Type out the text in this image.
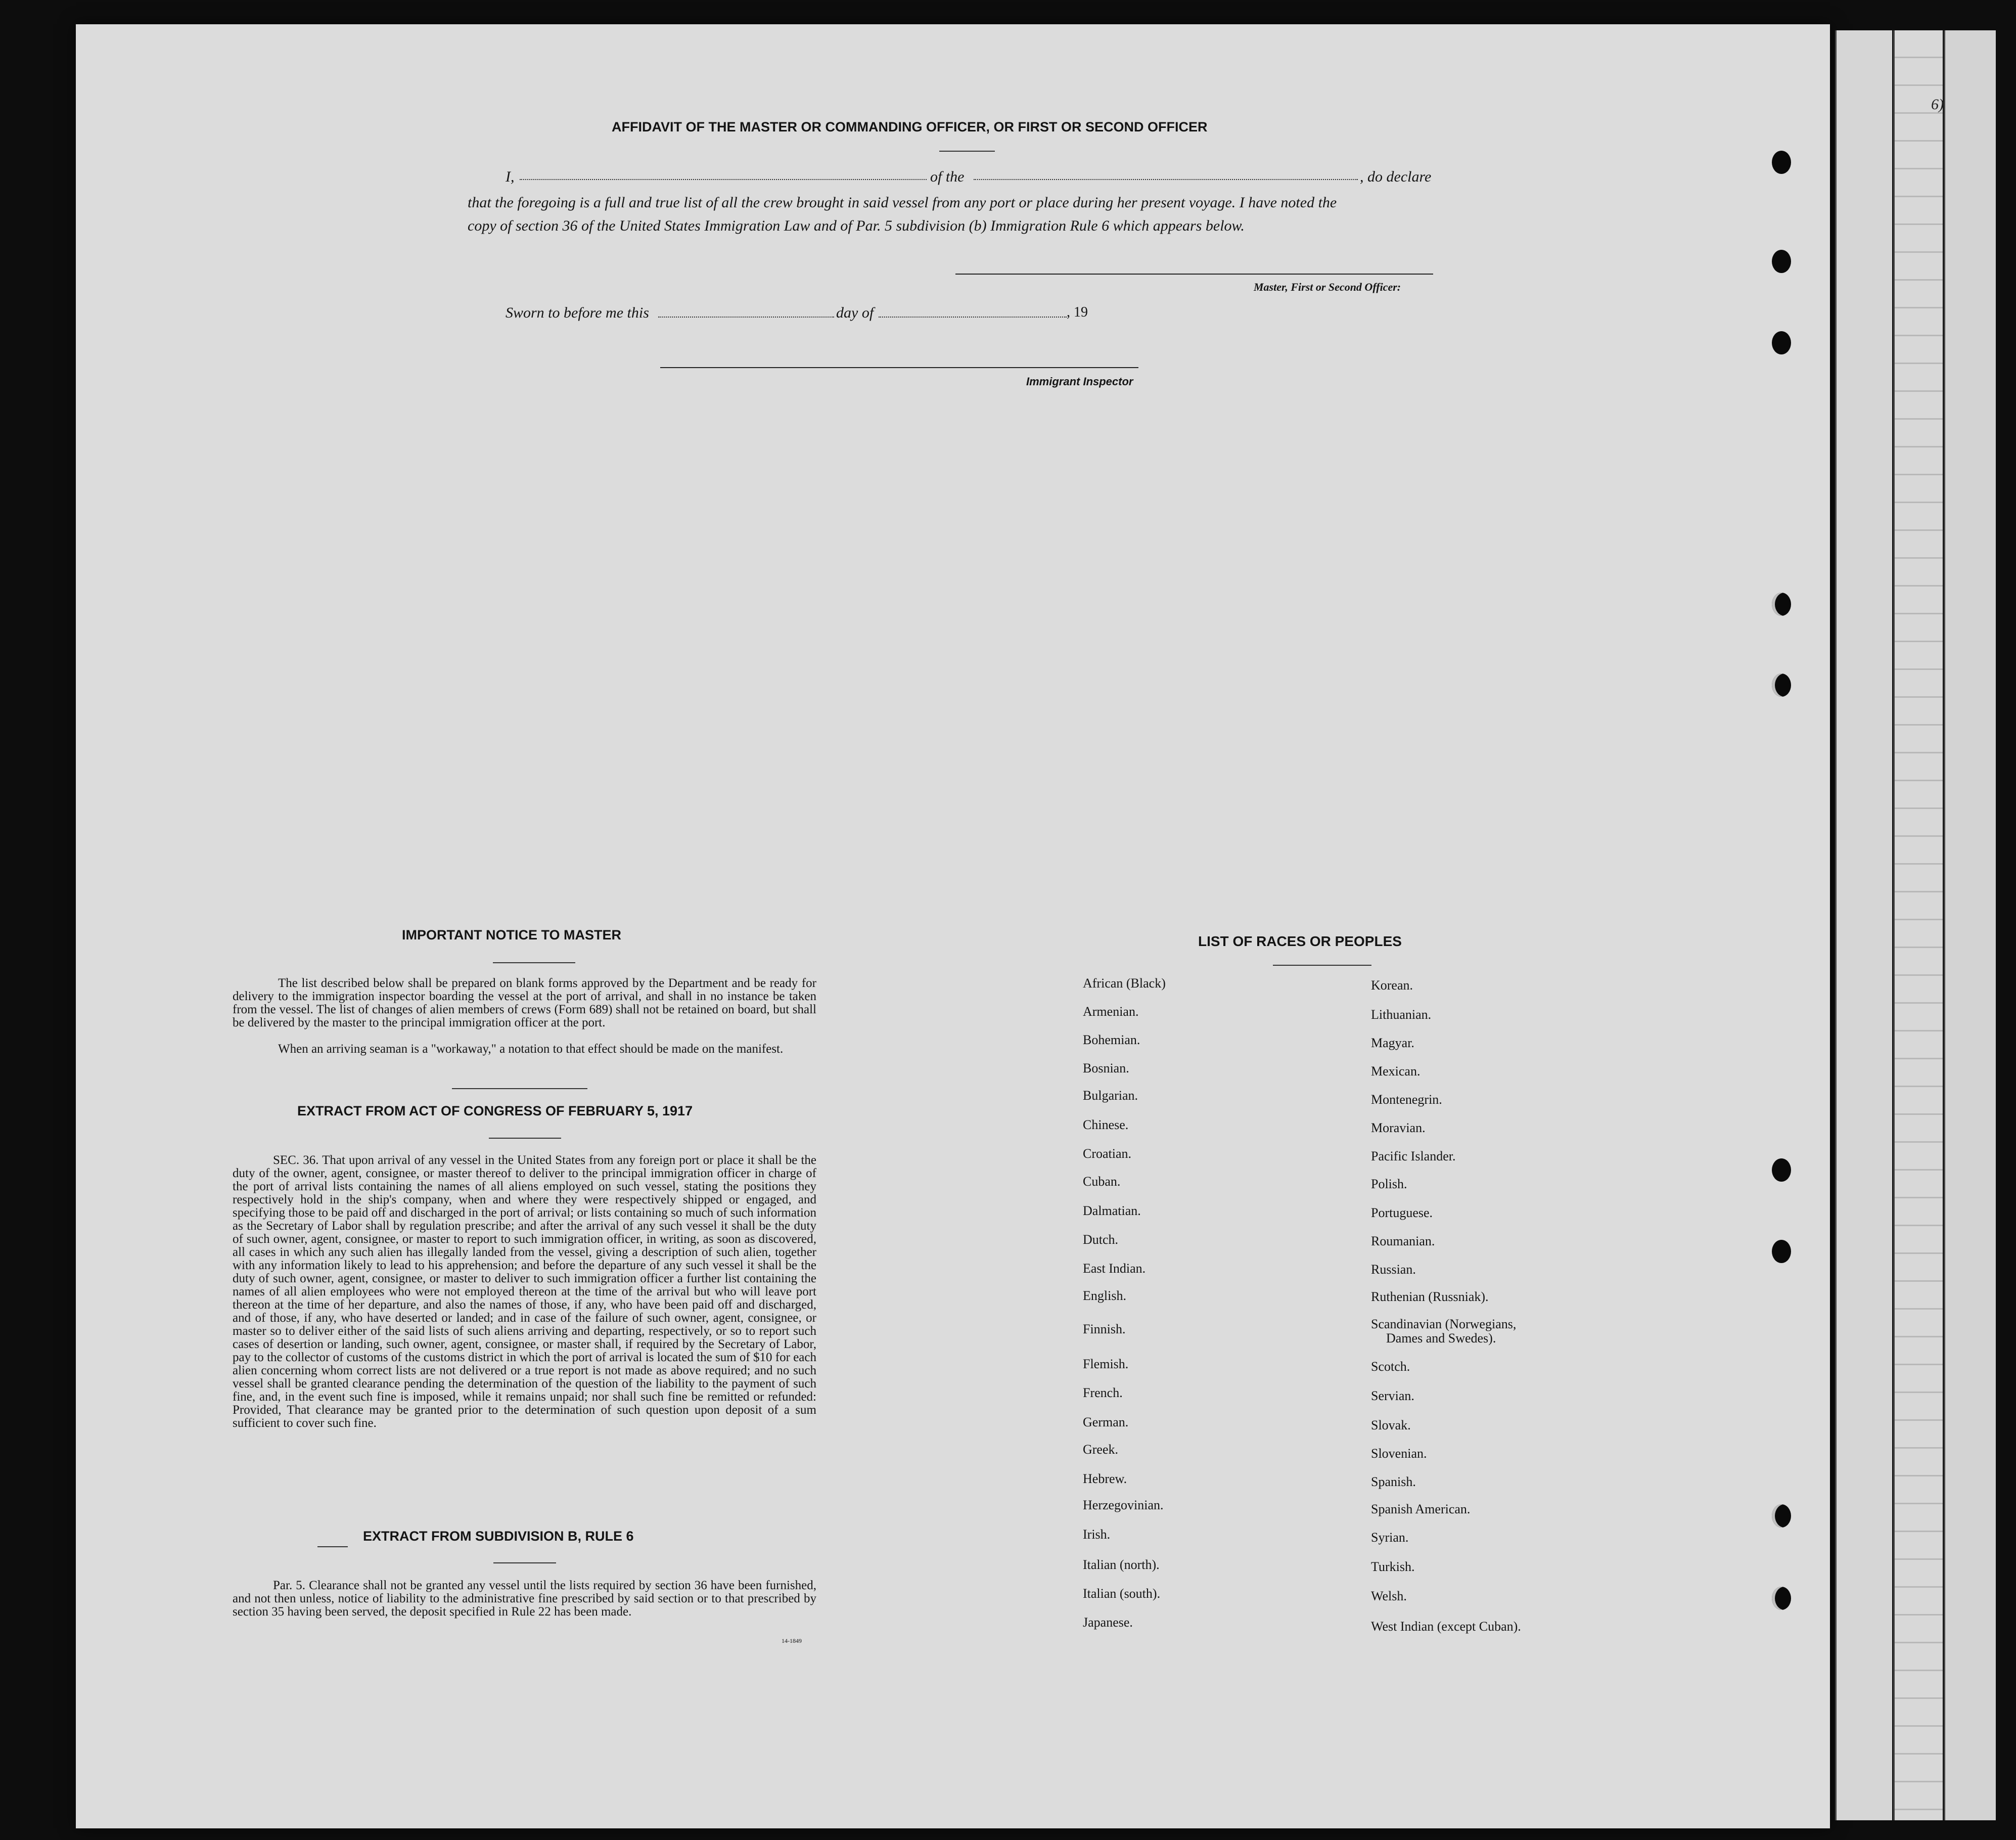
6)
AFFIDAVIT OF THE MASTER OR COMMANDING OFFICER, OR FIRST OR SECOND OFFICER
I,	of the	, do declare
that the foregoing is a full and true list of all the crew brought in said vessel from any port or place during her present voyage. I have noted the
copy of section 36 of the United States Immigration Law and of Par. 5 subdivision (b) Immigration Rule 6 which appears below.
Master, First or Second Officer:
Sworn to before me this	day of	, 19
Immigrant Inspector
IMPORTANT NOTICE TO MASTER
The list described below shall be prepared on blank forms approved by the Department and be ready for delivery to the immigration inspector boarding the vessel at the port of arrival, and shall in no instance be taken from the vessel. The list of changes of alien members of crews (Form 689) shall not be retained on board, but shall be delivered by the master to the principal immigration officer at the port.
When an arriving seaman is a "workaway," a notation to that effect should be made on the manifest.
EXTRACT FROM ACT OF CONGRESS OF FEBRUARY 5, 1917
SEC. 36. That upon arrival of any vessel in the United States from any foreign port or place it shall be the duty of the owner, agent, consignee, or master thereof to deliver to the principal immigration officer in charge of the port of arrival lists containing the names of all aliens employed on such vessel, stating the positions they respectively hold in the ship's company, when and where they were respectively shipped or engaged, and specifying those to be paid off and discharged in the port of arrival; or lists containing so much of such information as the Secretary of Labor shall by regulation prescribe; and after the arrival of any such vessel it shall be the duty of such owner, agent, consignee, or master to report to such immigration officer, in writing, as soon as discovered, all cases in which any such alien has illegally landed from the vessel, giving a description of such alien, together with any information likely to lead to his apprehension; and before the departure of any such vessel it shall be the duty of such owner, agent, consignee, or master to deliver to such immigration officer a further list containing the names of all alien employees who were not employed thereon at the time of the arrival but who will leave port thereon at the time of her departure, and also the names of those, if any, who have been paid off and discharged, and of those, if any, who have deserted or landed; and in case of the failure of such owner, agent, consignee, or master so to deliver either of the said lists of such aliens arriving and departing, respectively, or so to report such cases of desertion or landing, such owner, agent, consignee, or master shall, if required by the Secretary of Labor, pay to the collector of customs of the customs district in which the port of arrival is located the sum of $10 for each alien concerning whom correct lists are not delivered or a true report is not made as above required; and no such vessel shall be granted clearance pending the determination of the question of the liability to the payment of such fine, and, in the event such fine is imposed, while it remains unpaid; nor shall such fine be remitted or refunded: Provided, That clearance may be granted prior to the determination of such question upon deposit of a sum sufficient to cover such fine.
EXTRACT FROM SUBDIVISION B, RULE 6
Par. 5. Clearance shall not be granted any vessel until the lists required by section 36 have been furnished, and not then unless, notice of liability to the administrative fine prescribed by said section or to that prescribed by section 35 having been served, the deposit specified in Rule 22 has been made.
14-1849
LIST OF RACES OR PEOPLES
African (Black)
Armenian.
Bohemian.
Bosnian.
Bulgarian.
Chinese.
Croatian.
Cuban.
Dalmatian.
Dutch.
East Indian.
English.
Finnish.
Flemish.
French.
German.
Greek.
Hebrew.
Herzegovinian.
Irish.
Italian (north).
Italian (south).
Japanese.
Korean.
Lithuanian.
Magyar.
Mexican.
Montenegrin.
Moravian.
Pacific Islander.
Polish.
Portuguese.
Roumanian.
Russian.
Ruthenian (Russniak).
Scandinavian (Norwegians,
Dames and Swedes).
Scotch.
Servian.
Slovak.
Slovenian.
Spanish.
Spanish American.
Syrian.
Turkish.
Welsh.
West Indian (except Cuban).
